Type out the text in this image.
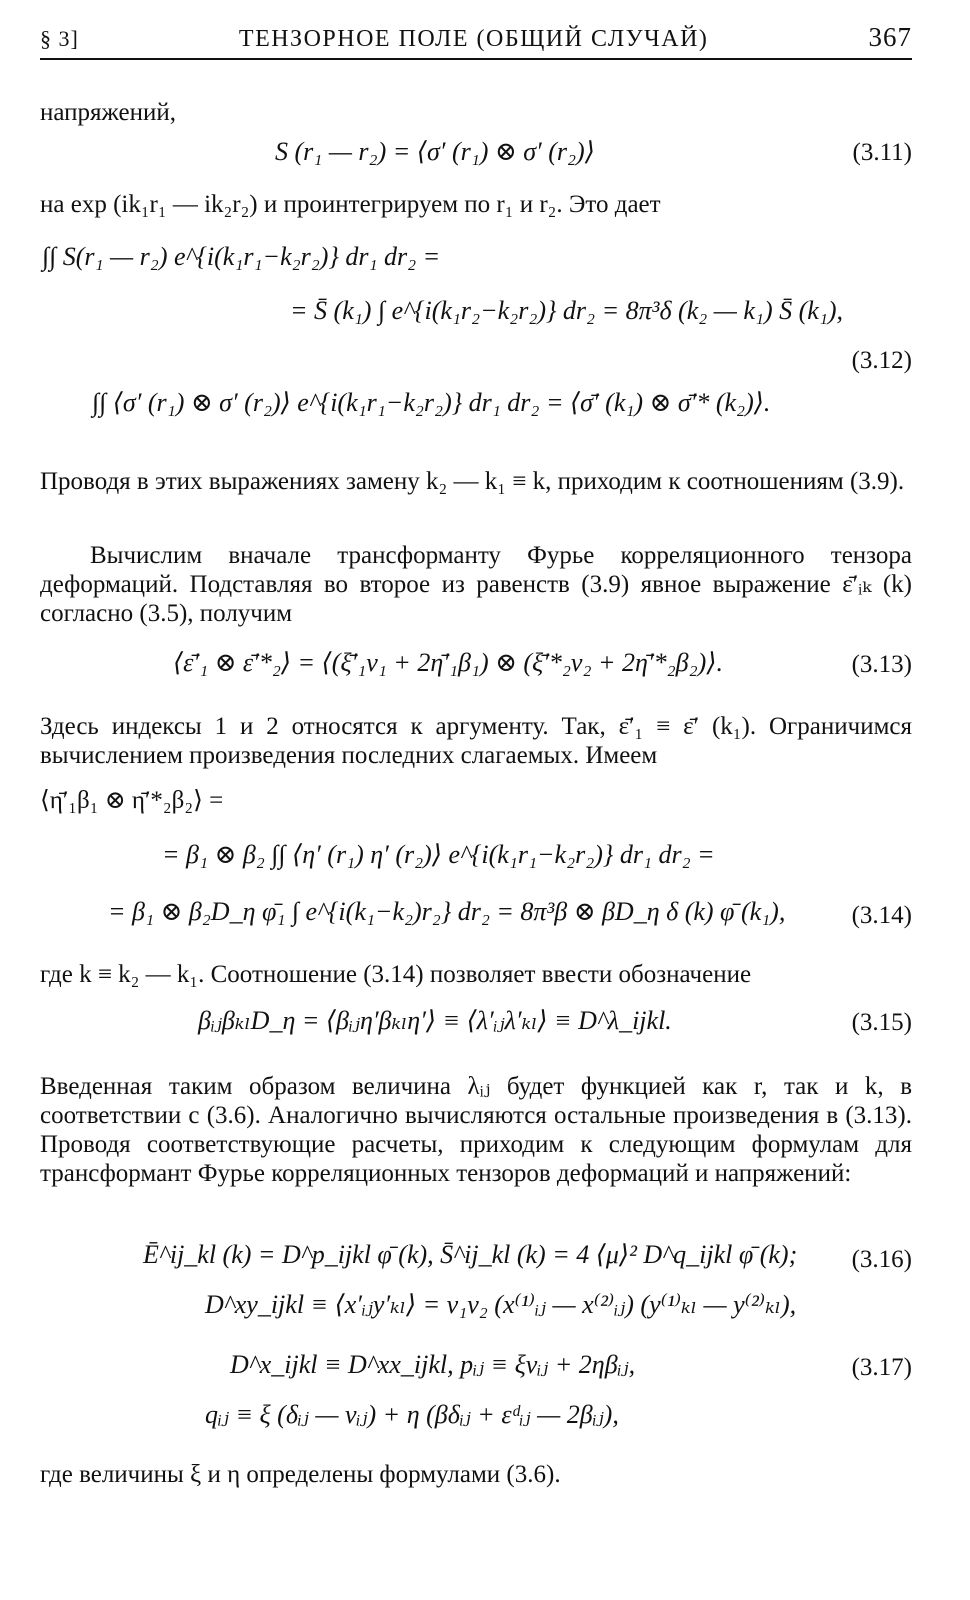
§ 3]	ТЕНЗОРНОЕ ПОЛЕ (ОБЩИЙ СЛУЧАЙ)	367
напряжений,
S (r₁ — r₂) = ⟨σ′ (r₁) ⊗ σ′ (r₂)⟩	(3.11)
на exp (ik₁r₁ — ik₂r₂) и проинтегрируем по r₁ и r₂. Это дает
∫∫ S(r₁ — r₂) e^{i(k₁r₁−k₂r₂)} dr₁ dr₂ =
= S̄ (k₁) ∫ e^{i(k₁r₂−k₂r₂)} dr₂ = 8π³δ (k₂ — k₁) S̄ (k₁),
(3.12)
∫∫ ⟨σ′ (r₁) ⊗ σ′ (r₂)⟩ e^{i(k₁r₁−k₂r₂)} dr₁ dr₂ = ⟨σ̄′ (k₁) ⊗ σ̄′* (k₂)⟩.
Проводя в этих выражениях замену k₂ — k₁ ≡ k, приходим к соотношениям (3.9).
Вычислим вначале трансформанту Фурье корреляционного тензора деформаций. Подставляя во второе из равенств (3.9) явное выражение ε̄′ᵢₖ (k) согласно (3.5), получим
⟨ε̄′₁ ⊗ ε̄′*₂⟩ = ⟨(ξ̄′₁ν₁ + 2η̄′₁β₁) ⊗ (ξ̄′*₂ν₂ + 2η̄′*₂β₂)⟩.	(3.13)
Здесь индексы 1 и 2 относятся к аргументу. Так, ε̄′₁ ≡ ε̄′ (k₁). Ограничимся вычислением произведения последних слагаемых. Имеем
⟨η̄′₁β₁ ⊗ η̄′*₂β₂⟩ =
= β₁ ⊗ β₂ ∫∫ ⟨η′ (r₁) η′ (r₂)⟩ e^{i(k₁r₁−k₂r₂)} dr₁ dr₂ =
= β₁ ⊗ β₂D_η φ̄₁ ∫ e^{i(k₁−k₂)r₂} dr₂ = 8π³β ⊗ βD_η δ (k) φ̄ (k₁),	(3.14)
где k ≡ k₂ — k₁. Соотношение (3.14) позволяет ввести обозначение
βᵢⱼβₖₗD_η = ⟨βᵢⱼη′βₖₗη′⟩ ≡ ⟨λ′ᵢⱼλ′ₖₗ⟩ ≡ D^λ_ijkl.	(3.15)
Введенная таким образом величина λᵢⱼ будет функцией как r, так и k, в соответствии с (3.6). Аналогично вычисляются остальные произведения в (3.13). Проводя соответствующие расчеты, приходим к следующим формулам для трансформант Фурье корреляционных тензоров деформаций и напряжений:
Ē^ij_kl (k) = D^p_ijkl φ̄ (k), S̄^ij_kl (k) = 4 ⟨μ⟩² D^q_ijkl φ̄ (k); (3.16)
D^xy_ijkl ≡ ⟨x′ᵢⱼy′ₖₗ⟩ = v₁v₂ (x⁽¹⁾ᵢⱼ — x⁽²⁾ᵢⱼ) (y⁽¹⁾ₖₗ — y⁽²⁾ₖₗ),
D^x_ijkl ≡ D^xx_ijkl, pᵢⱼ ≡ ξνᵢⱼ + 2ηβᵢⱼ,	(3.17)
qᵢⱼ ≡ ξ (δᵢⱼ — νᵢⱼ) + η (βδᵢⱼ + εᵈᵢⱼ — 2βᵢⱼ),
где величины ξ и η определены формулами (3.6).
